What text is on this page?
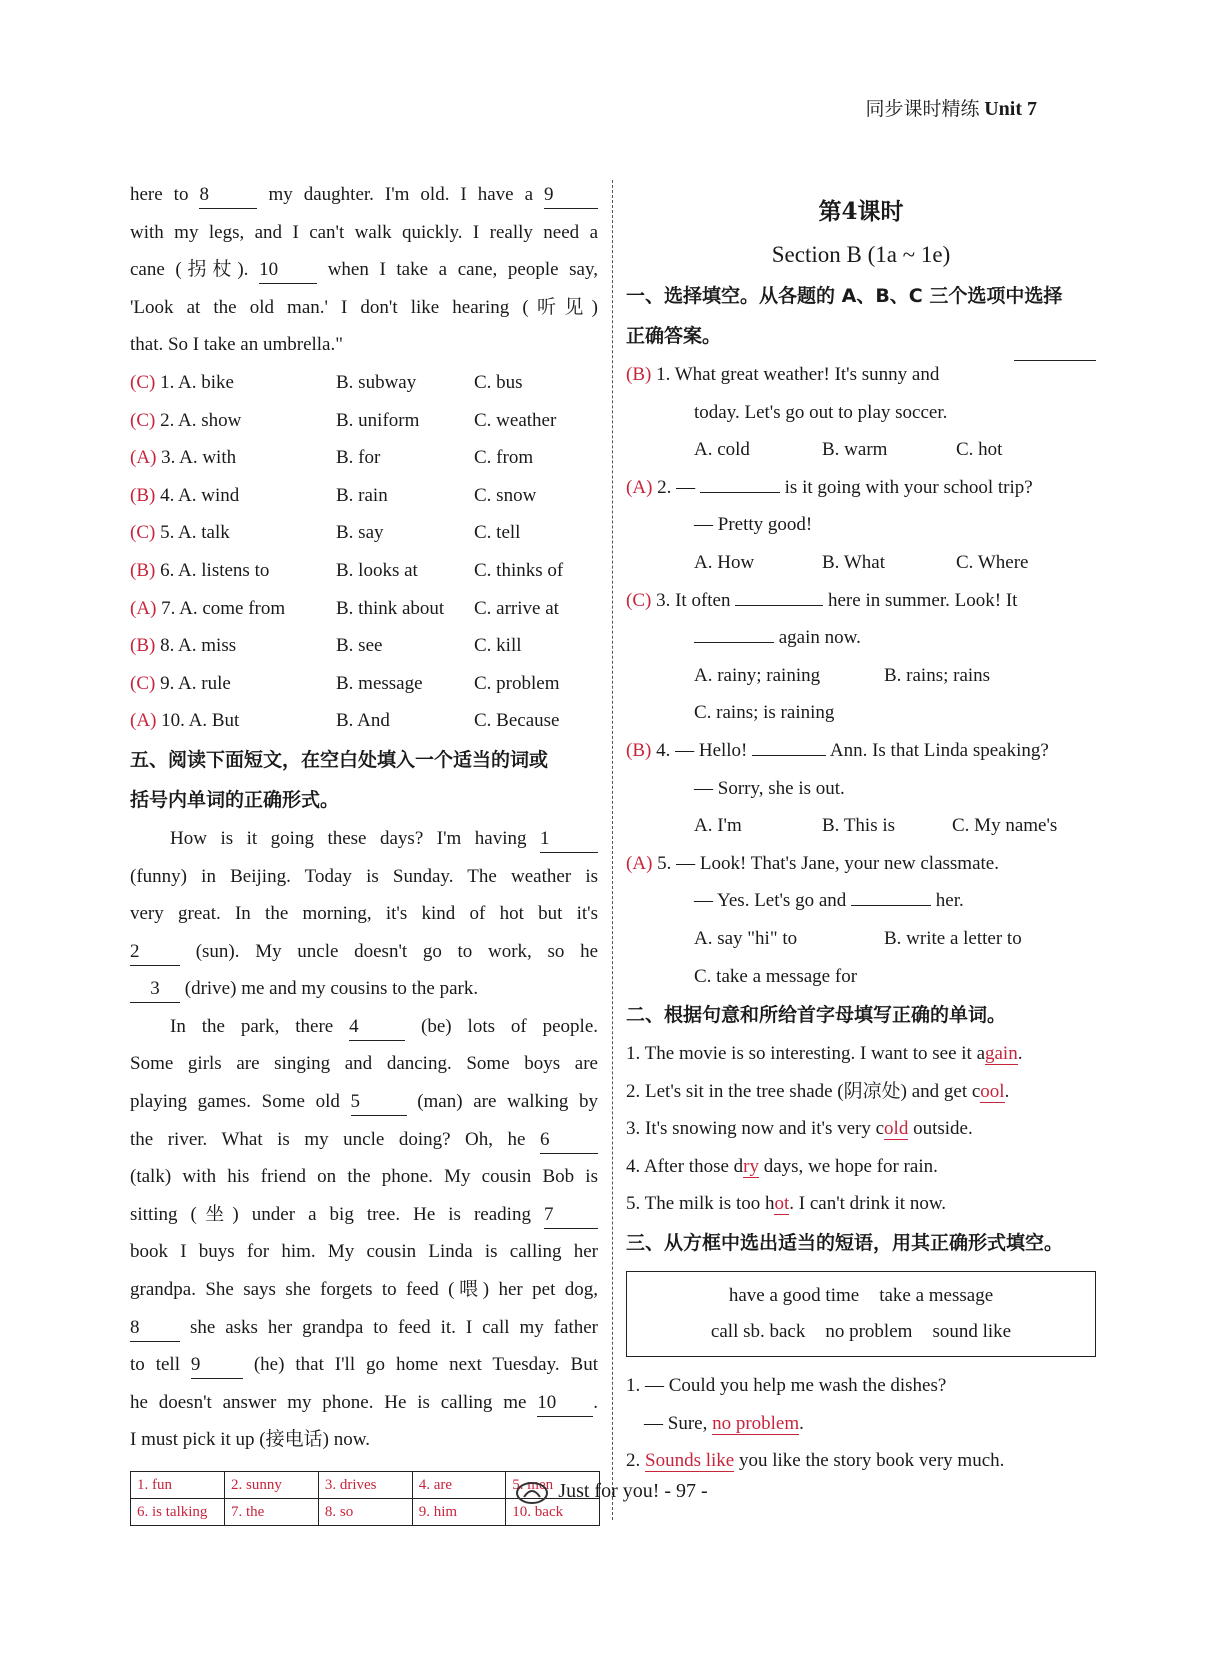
同步课时精练 Unit 7
here to 8	my daughter. I'm old. I have a 9
with my legs, and I can't walk quickly. I really need a
cane (拐杖). 10	when I take a cane, people say,
'Look at the old man.' I don't like hearing (听见)
that. So I take an umbrella."
(C) 1. A. bike	B. subway	C. bus
(C) 2. A. show	B. uniform	C. weather
(A) 3. A. with	B. for	C. from
(B) 4. A. wind	B. rain	C. snow
(C) 5. A. talk	B. say	C. tell
(B) 6. A. listens to	B. looks at	C. thinks of
(A) 7. A. come from	B. think about C. arrive at
(B) 8. A. miss	B. see	C. kill
(C) 9. A. rule	B. message	C. problem
(A) 10. A. But	B. And	C. Because
五、阅读下面短文，在空白处填入一个适当的词或
括号内单词的正确形式。
How is it going these days? I'm having 1
(funny) in Beijing. Today is Sunday. The weather is
very great. In the morning, it's kind of hot but it's
2	(sun). My uncle doesn't go to work, so he
3 (drive) me and my cousins to the park.
In the park, there 4	(be) lots of people.
Some girls are singing and dancing. Some boys are
playing games. Some old 5	(man) are walking by
the river. What is my uncle doing? Oh, he 6
(talk) with his friend on the phone. My cousin Bob is
sitting (坐) under a big tree. He is reading 7
book I buys for him. My cousin Linda is calling her
grandpa. She says she forgets to feed (喂) her pet dog,
8	she asks her grandpa to feed it. I call my father
to tell 9	(he) that I'll go home next Tuesday. But
he doesn't answer my phone. He is calling me 10 .
I must pick it up (接电话) now.
1. fun	2. sunny	3. drives	4. are	5. men
6. is talking	7. the	8. so	9. him	10. back
第4课时
Section B (1a ~ 1e)
一、选择填空。从各题的 A、B、C 三个选项中选择
正确答案。
(B) 1. What great weather! It's sunny and
today. Let's go out to play soccer.
A. cold	B. warm	C. hot
(A) 2. —	is it going with your school trip?
— Pretty good!
A. How	B. What	C. Where
(C) 3. It often	here in summer. Look! It
again now.
A. rainy; raining	B. rains; rains
C. rains; is raining
(B) 4. — Hello!	Ann. Is that Linda speaking?
— Sorry, she is out.
A. I'm	B. This is	C. My name's
(A) 5. — Look! That's Jane, your new classmate.
— Yes. Let's go and	her.
A. say "hi" to	B. write a letter to
C. take a message for
二、根据句意和所给首字母填写正确的单词。
1. The movie is so interesting. I want to see it again.
2. Let's sit in the tree shade (阴凉处) and get cool.
3. It's snowing now and it's very cold outside.
4. After those dry days, we hope for rain.
5. The milk is too hot. I can't drink it now.
三、从方框中选出适当的短语，用其正确形式填空。
have a good time take a message
call sb. back no problem sound like
1. — Could you help me wash the dishes?
— Sure, no problem.
2. Sounds like you like the story book very much.
Just for you! - 97 -
